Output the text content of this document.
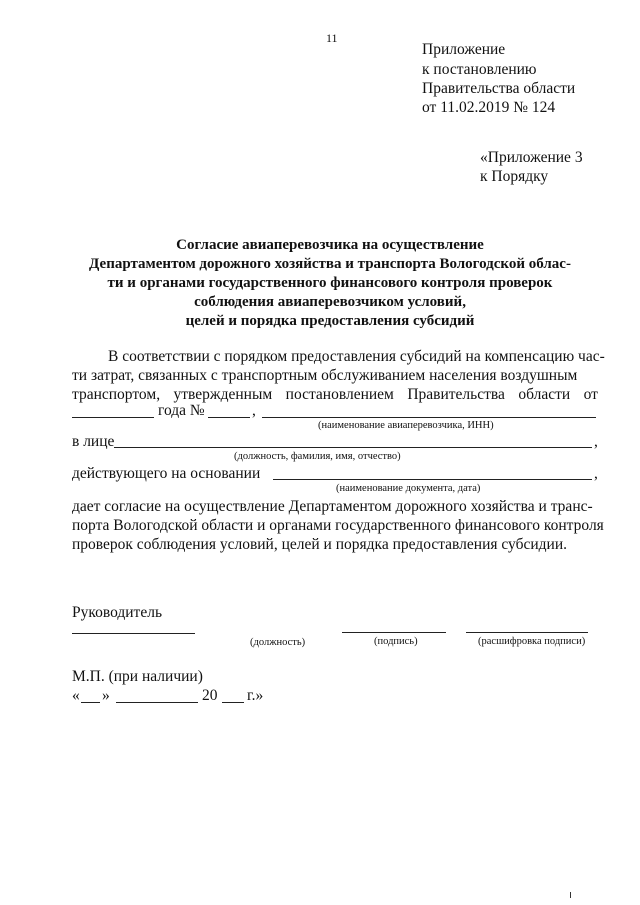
11
Приложение
к постановлению
Правительства области
от 11.02.2019 № 124
«Приложение 3
к Порядку
Согласие авиаперевозчика на осуществление
Департаментом дорожного хозяйства и транспорта Вологодской облас-
ти и органами государственного финансового контроля проверок
соблюдения авиаперевозчиком условий,
целей и порядка предоставления субсидий
В соответствии с порядком предоставления субсидий на компенсацию час-
ти затрат, связанных с транспортным обслуживанием населения воздушным
транспортом, утвержденным постановлением Правительства области от
года №	,
(наименование авиаперевозчика, ИНН)
в лице	,
(должность, фамилия, имя, отчество)
действующего на основании	,
(наименование документа, дата)
дает согласие на осуществление Департаментом дорожного хозяйства и транс-
порта Вологодской области и органами государственного финансового контроля
проверок соблюдения условий, целей и порядка предоставления субсидии.
Руководитель
(должность)	(подпись)	(расшифровка подписи)
М.П. (при наличии)
« »	20 г.»
